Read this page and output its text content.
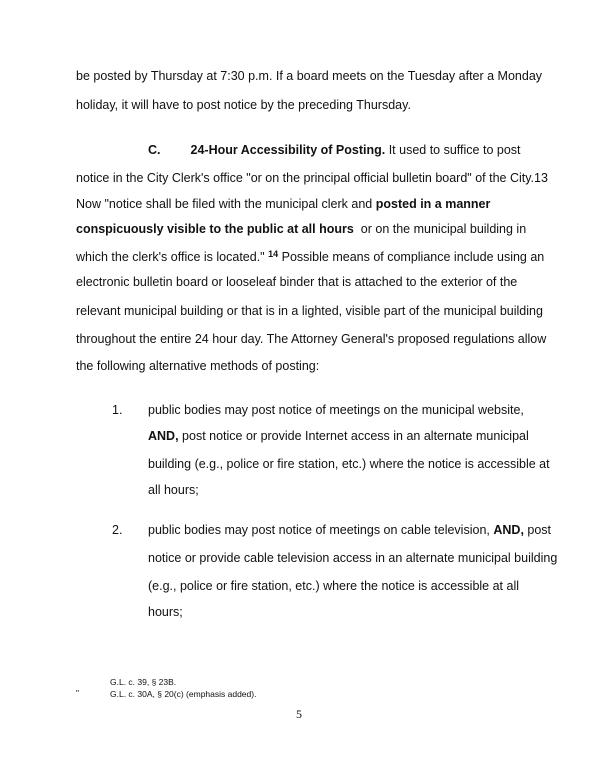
be posted by Thursday at 7:30 p.m. If a board meets on the Tuesday after a Monday
holiday, it will have to post notice by the preceding Thursday.
C. 24-Hour Accessibility of Posting. It used to suffice to post
notice in the City Clerk's office "or on the principal official bulletin board" of the City.13
Now "notice shall be filed with the municipal clerk and posted in a manner
conspicuously visible to the public at all hours or on the municipal building in
which the clerk's office is located." $^{14}$ Possible means of compliance include using an
electronic bulletin board or looseleaf binder that is attached to the exterior of the
relevant municipal building or that is in a lighted, visible part of the municipal building
throughout the entire 24 hour day. The Attorney General's proposed regulations allow
the following alternative methods of posting:
1. public bodies may post notice of meetings on the municipal website,
AND, post notice or provide Internet access in an alternate municipal
building (e.g., police or fire station, etc.) where the notice is accessible at
all hours;
2. public bodies may post notice of meetings on cable television, AND, post
notice or provide cable television access in an alternate municipal building
(e.g., police or fire station, etc.) where the notice is accessible at all
hours;
G.L. c. 39, § 23B.
"	G.L. c. 30A, § 20(c) (emphasis added).
5
